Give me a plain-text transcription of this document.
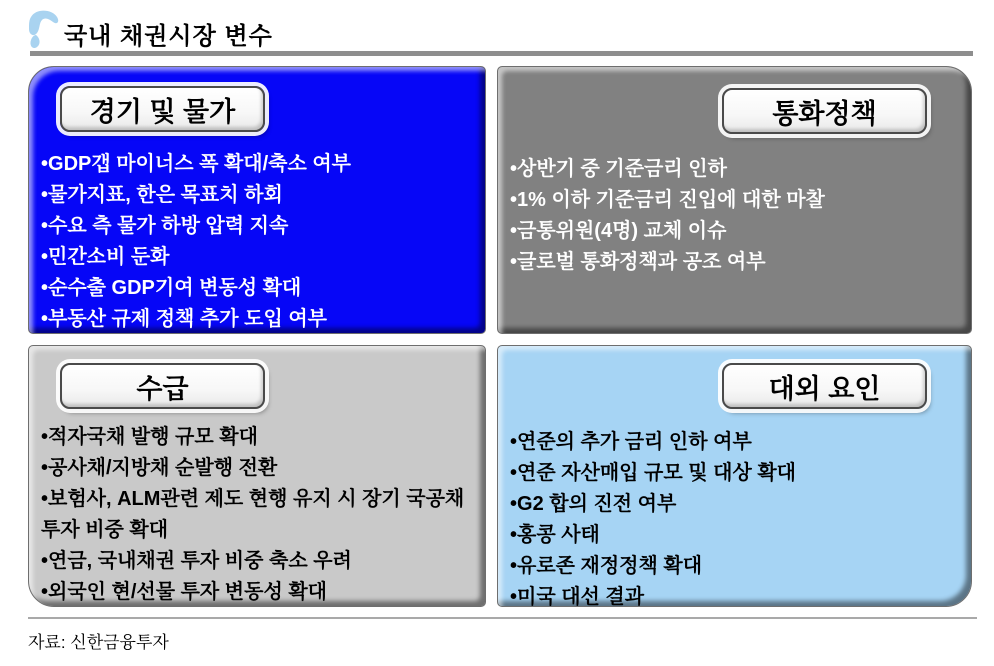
국내 채권시장 변수
경기 및 물가
• GDP갭 마이너스 폭 확대/축소 여부
• 물가지표, 한은 목표치 하회
• 수요 측 물가 하방 압력 지속
• 민간소비 둔화
• 순수출 GDP기여 변동성 확대
• 부동산 규제 정책 추가 도입 여부
통화정책
• 상반기 중 기준금리 인하
• 1% 이하 기준금리 진입에 대한 마찰
• 금통위원(4명) 교체 이슈
• 글로벌 통화정책과 공조 여부
수급
• 적자국채 발행 규모 확대
• 공사채/지방채 순발행 전환
• 보험사, ALM관련 제도 현행 유지 시 장기 국공채 투자 비중 확대
• 연금, 국내채권 투자 비중 축소 우려
• 외국인 현/선물 투자 변동성 확대
대외 요인
• 연준의 추가 금리 인하 여부
• 연준 자산매입 규모 및 대상 확대
• G2 합의 진전 여부
• 홍콩 사태
• 유로존 재정정책 확대
• 미국 대선 결과
자료: 신한금융투자
